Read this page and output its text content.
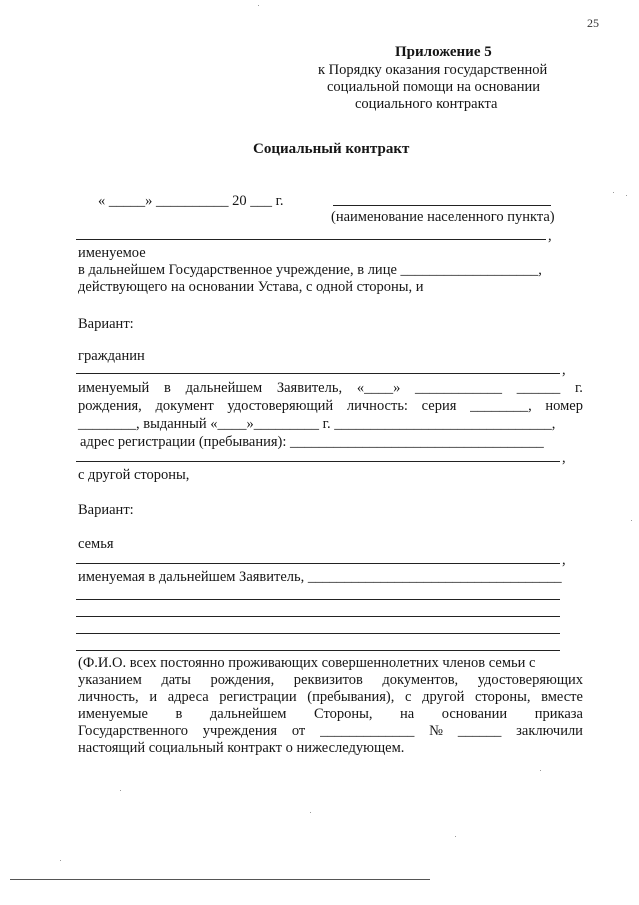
25
Приложение 5
к Порядку оказания государственной
социальной помощи на основании
социального контракта
Социальный контракт
« _____» __________ 20 ___ г.
(наименование населенного пункта)
,
именуемое
в дальнейшем Государственное учреждение, в лице ___________________,
действующего на основании Устава, с одной стороны, и
Вариант:
гражданин
,
именуемый в дальнейшем Заявитель, «____» ____________ ______ г.
рождения, документ удостоверяющий личность: серия ________, номер
________, выданный «____»_________ г. ______________________________,
адрес регистрации (пребывания): ___________________________________
,
с другой стороны,
Вариант:
семья
,
именуемая в дальнейшем Заявитель, ___________________________________
(Ф.И.О. всех постоянно проживающих совершеннолетних членов семьи с
указанием даты рождения, реквизитов документов, удостоверяющих
личность, и адреса регистрации (пребывания), с другой стороны, вместе
именуемые в дальнейшем Стороны, на основании приказа
Государственного учреждения от _____________ № ______ заключили
настоящий социальный контракт о нижеследующем.
